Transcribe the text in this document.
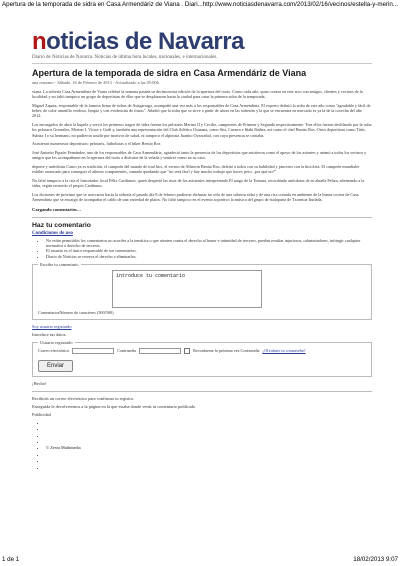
Apertura de la temporada de sidra en Casa Armendáriz de Viana . Diari... http://www.noticiasdenavarra.com/2013/02/16/vecinos/estella-y-merin...
noticias de Navarra
Diario de Noticias de Navarra. Noticias de última hora locales, nacionales, e internacionales.
Apertura de la temporada de sidra en Casa Armendáriz de Viana
ana cenzano - Sábado, 16 de Febrero de 2013 - Actualizado a las 05:00h

viana. La sidrería Casa Armendáriz de Viana celebró la semana pasada su decimosexta edición de la apertura del txotx. Como cada año, quiso contar en este acto con amigos, clientes y vecinos de la localidad y no faltó tampoco un grupo de deportistas de élite que se desplazaron hasta la ciudad para catar la primera sidra de la temporada.

Miguel Zapata, responsable de la famosa firma de sidras de Astigarraga, acompañó una vez más a los responsables de Casa Armendáriz. El experto definió la sidra de este año como "agradable y fácil de beber, de color amarillo verdoso, limpio y con evidencias de frutas". Añadió que la sidra que se sirve a partir de ahora en las sidrerías y la que se encuentra en mercado es ya la de la cosecha del año 2012.

Los encargados de abrir la kupela y servir los primeros tragos de sidra fueron los pelotaris Merino II y Cecilio, campeones de Primera y Segunda respectivamente. Tras ellos fueron desfilando por la cuba los pelotaris Gonzalez, Merino I, Víctor y Goñi y, también una representación del Club Atlético Osasuna, como Sisi, Cuenca e Iñaki Ibáñez, así como el chef Benito Ros. Otros deportistas como Titín, Subiza I o su hermano, no pudieron acudir por motivos de salud, ni tampoco el alpinista Juanito Oyarzabal, con cuya presencia se contaba.

Asistieron numerosos deportistas: pelotaris, futbolistas o el biker Benito Ros

José Antonio Pipaón Fernández, uno de los responsables de Casa Armendáriz, agradeció tanto la presencia de los deportistas que asistieron como el apoyo de los asientes y animó a todos los vecinos y amigos que les acompañaron en la apertura del txotx a disfrutar de la velada y sentirse como en su casa.

deporte y anécdotas Como ya es tradición, el campeón del mundo de trial bici, el vecino de Albaicín Benito Ros, deleitó a todos con su habilidad y pinceses con la bicicleta. El campeón mundialer exhibir arrancado para conseguir el alterno componentes, sumado quedando que "no será fácil y hay mucho trabajo que hacer, pero...por qué no?"

No faltó tampoco a la cita el historiador local Félix Cariñanos, quien despertó las risas de los asistentes interpretando El tango de la Tomasa, recordando anécdotas de su abuela Feliza, alternando a la sidra, según recuerdo el propio Cariñanos.

Los dicisones de próximo que se acercaron hasta la sidrería el pasado día 8 de febrero pudieron disfrutar no sólo de una sabrosa sidra y de una rica comida en ambiente de la buena cocina de Casa Armendáriz que se encargó de acompañar el caldo de una variedad de platos. No faltó tampoco en el evento soportivo la música del grupo de txalaparta de Txorntoa Iturlada.

Cargando comentarios…
Haz tu comentario
Condiciones de uso
• No están permitidos los comentarios no acordes a la temática o que atenten contra el derecho al honor e intimidad de terceros, puedan resultar injuriosos, calumniadores, infringir cualquier normativa o derecho de terceros.
• El usuario es el único responsable de sus comentarios.
• Diario de Noticias se reserva el derecho a eliminarlos.
Escribe tu comentario
introduce tu comentario
ComentariosNúmero de caracteres (500/500)
Soy usuario registrado
Introduce tus datos.
Usuario registrado
Correo electrónico	Contraseña	Recordarme la próxima vez Contraseña ¿Olvidaste tu contraseña?
Enviar
¡Hecho!
Recibirás un correo electrónico para confirmar tu registro.
Enseguida le devolveremos a la página en la que estaba donde verás tu comentario publicado
Publicidad
•
•
•
•
• © Zeroa Multimedia
•
•
•
1 de 1	18/02/2013 9:07
